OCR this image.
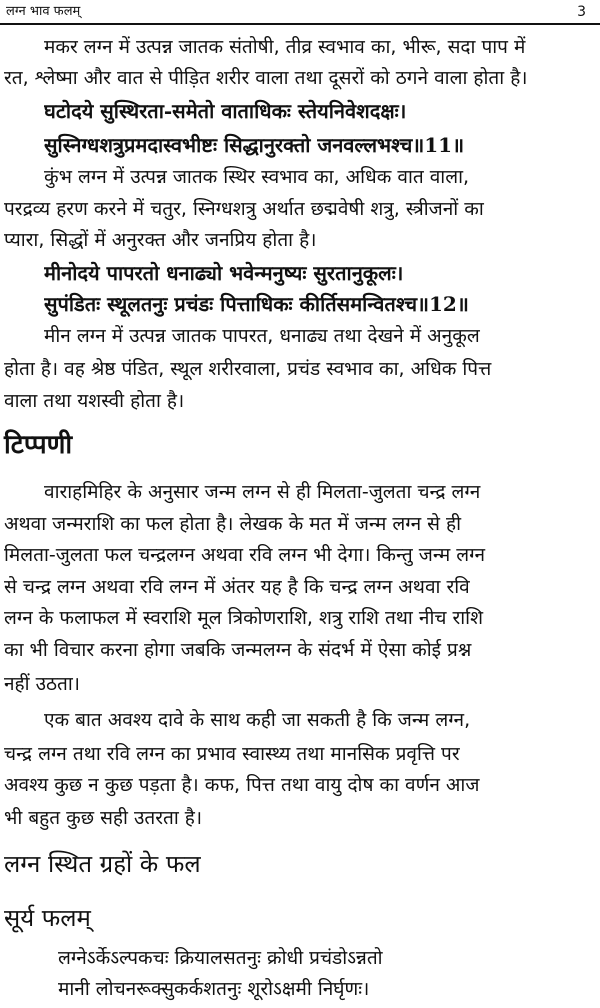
लग्न भाव फलम्	3
मकर लग्न में उत्पन्न जातक संतोषी, तीव्र स्वभाव का, भीरू, सदा पाप में
रत, श्लेष्मा और वात से पीड़ित शरीर वाला तथा दूसरों को ठगने वाला होता है।
घटोदये सुस्थिरता-समेतो वाताधिकः स्तेयनिवेशदक्षः।
सुस्निग्धशत्रुप्रमदास्वभीष्टः सिद्धानुरक्तो जनवल्लभश्च॥11॥
कुंभ लग्न में उत्पन्न जातक स्थिर स्वभाव का, अधिक वात वाला,
परद्रव्य हरण करने में चतुर, स्निग्धशत्रु अर्थात छद्मवेषी शत्रु, स्त्रीजनों का
प्यारा, सिद्धों में अनुरक्त और जनप्रिय होता है।
मीनोदये पापरतो धनाढ्यो भवेन्मनुष्यः सुरतानुकूलः।
सुपंडितः स्थूलतनुः प्रचंडः पित्ताधिकः कीर्तिसमन्वितश्च॥12॥
मीन लग्न में उत्पन्न जातक पापरत, धनाढ्य तथा देखने में अनुकूल
होता है। वह श्रेष्ठ पंडित, स्थूल शरीरवाला, प्रचंड स्वभाव का, अधिक पित्त
वाला तथा यशस्वी होता है।
टिप्पणी
वाराहमिहिर के अनुसार जन्म लग्न से ही मिलता-जुलता चन्द्र लग्न
अथवा जन्मराशि का फल होता है। लेखक के मत में जन्म लग्न से ही
मिलता-जुलता फल चन्द्रलग्न अथवा रवि लग्न भी देगा। किन्तु जन्म लग्न
से चन्द्र लग्न अथवा रवि लग्न में अंतर यह है कि चन्द्र लग्न अथवा रवि
लग्न के फलाफल में स्वराशि मूल त्रिकोणराशि, शत्रु राशि तथा नीच राशि
का भी विचार करना होगा जबकि जन्मलग्न के संदर्भ में ऐसा कोई प्रश्न
नहीं उठता।
एक बात अवश्य दावे के साथ कही जा सकती है कि जन्म लग्न,
चन्द्र लग्न तथा रवि लग्न का प्रभाव स्वास्थ्य तथा मानसिक प्रवृत्ति पर
अवश्य कुछ न कुछ पड़ता है। कफ, पित्त तथा वायु दोष का वर्णन आज
भी बहुत कुछ सही उतरता है।
लग्न स्थित ग्रहों के फल
सूर्य फलम्
लग्नेऽर्केऽल्पकचः क्रियालसतनुः क्रोधी प्रचंडोऽन्नतो
मानी लोचनरूक्सुकर्कशतनुः शूरोऽक्षमी निर्घृणः।
